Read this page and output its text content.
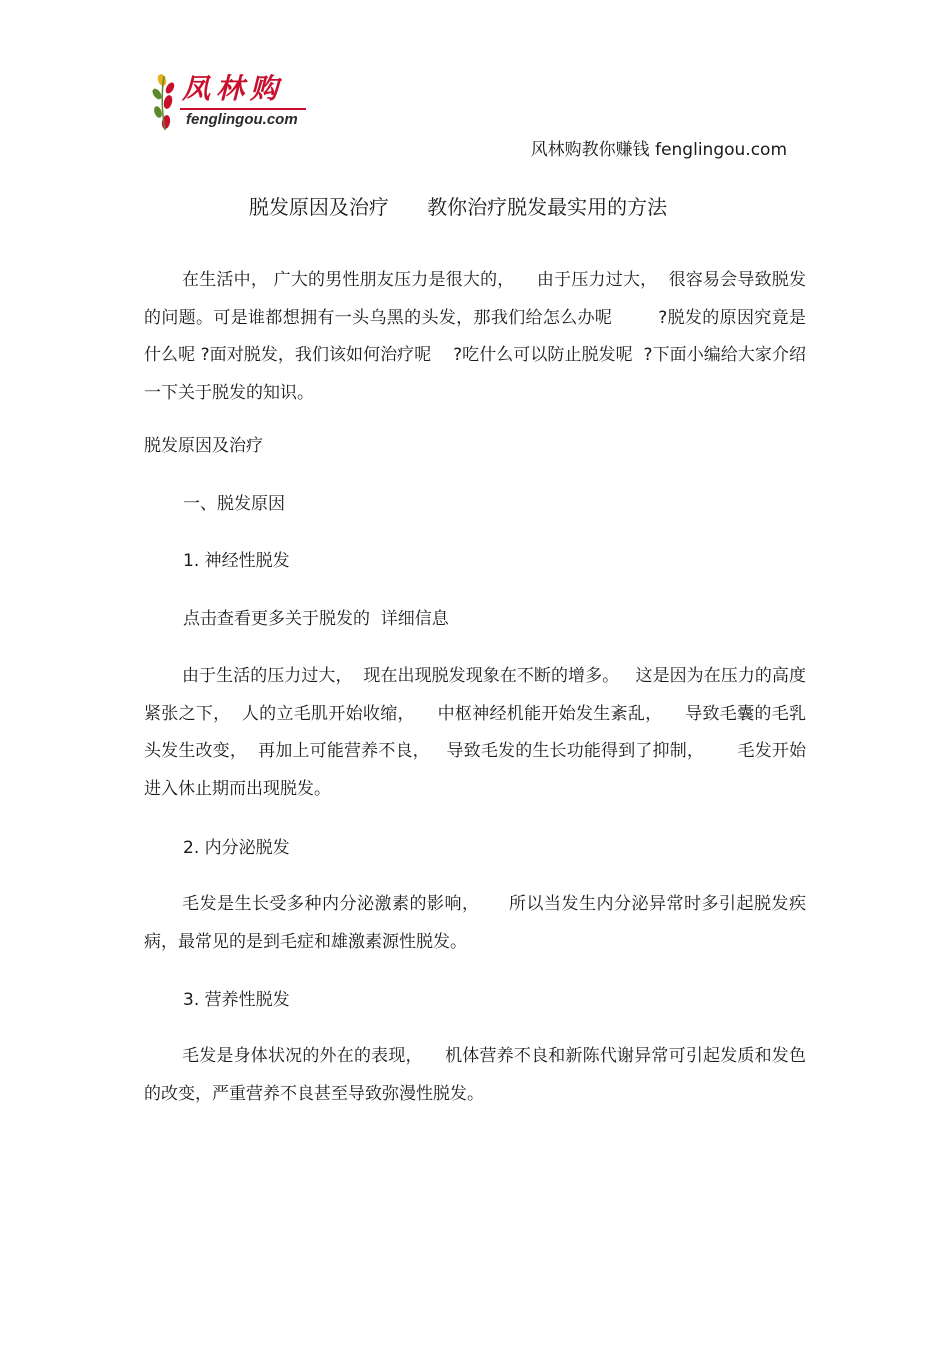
凤林购
fenglingou.com
风林购教你赚钱 fenglingou.com
脱发原因及治疗      教你治疗脱发最实用的方法

在生活中， 广大的男性朋友压力是很大的，    由于压力过大，  很容易会导致脱发的问题。可是谁都想拥有一头乌黑的头发，那我们给怎么办呢        ?脱发的原因究竟是什么呢 ?面对脱发，我们该如何治疗呢    ?吃什么可以防止脱发呢  ?下面小编给大家介绍一下关于脱发的知识。

脱发原因及治疗
一、脱发原因
1. 神经性脱发
点击查看更多关于脱发的  详细信息

由于生活的压力过大，  现在出现脱发现象在不断的增多。   这是因为在压力的高度紧张之下，  人的立毛肌开始收缩，    中枢神经机能开始发生紊乱，    导致毛囊的毛乳头发生改变，  再加上可能营养不良，   导致毛发的生长功能得到了抑制，      毛发开始进入休止期而出现脱发。

2. 内分泌脱发

毛发是生长受多种内分泌激素的影响，     所以当发生内分泌异常时多引起脱发疾病，最常见的是到毛症和雄激素源性脱发。

3. 营养性脱发

毛发是身体状况的外在的表现，    机体营养不良和新陈代谢异常可引起发质和发色的改变，严重营养不良甚至导致弥漫性脱发。
